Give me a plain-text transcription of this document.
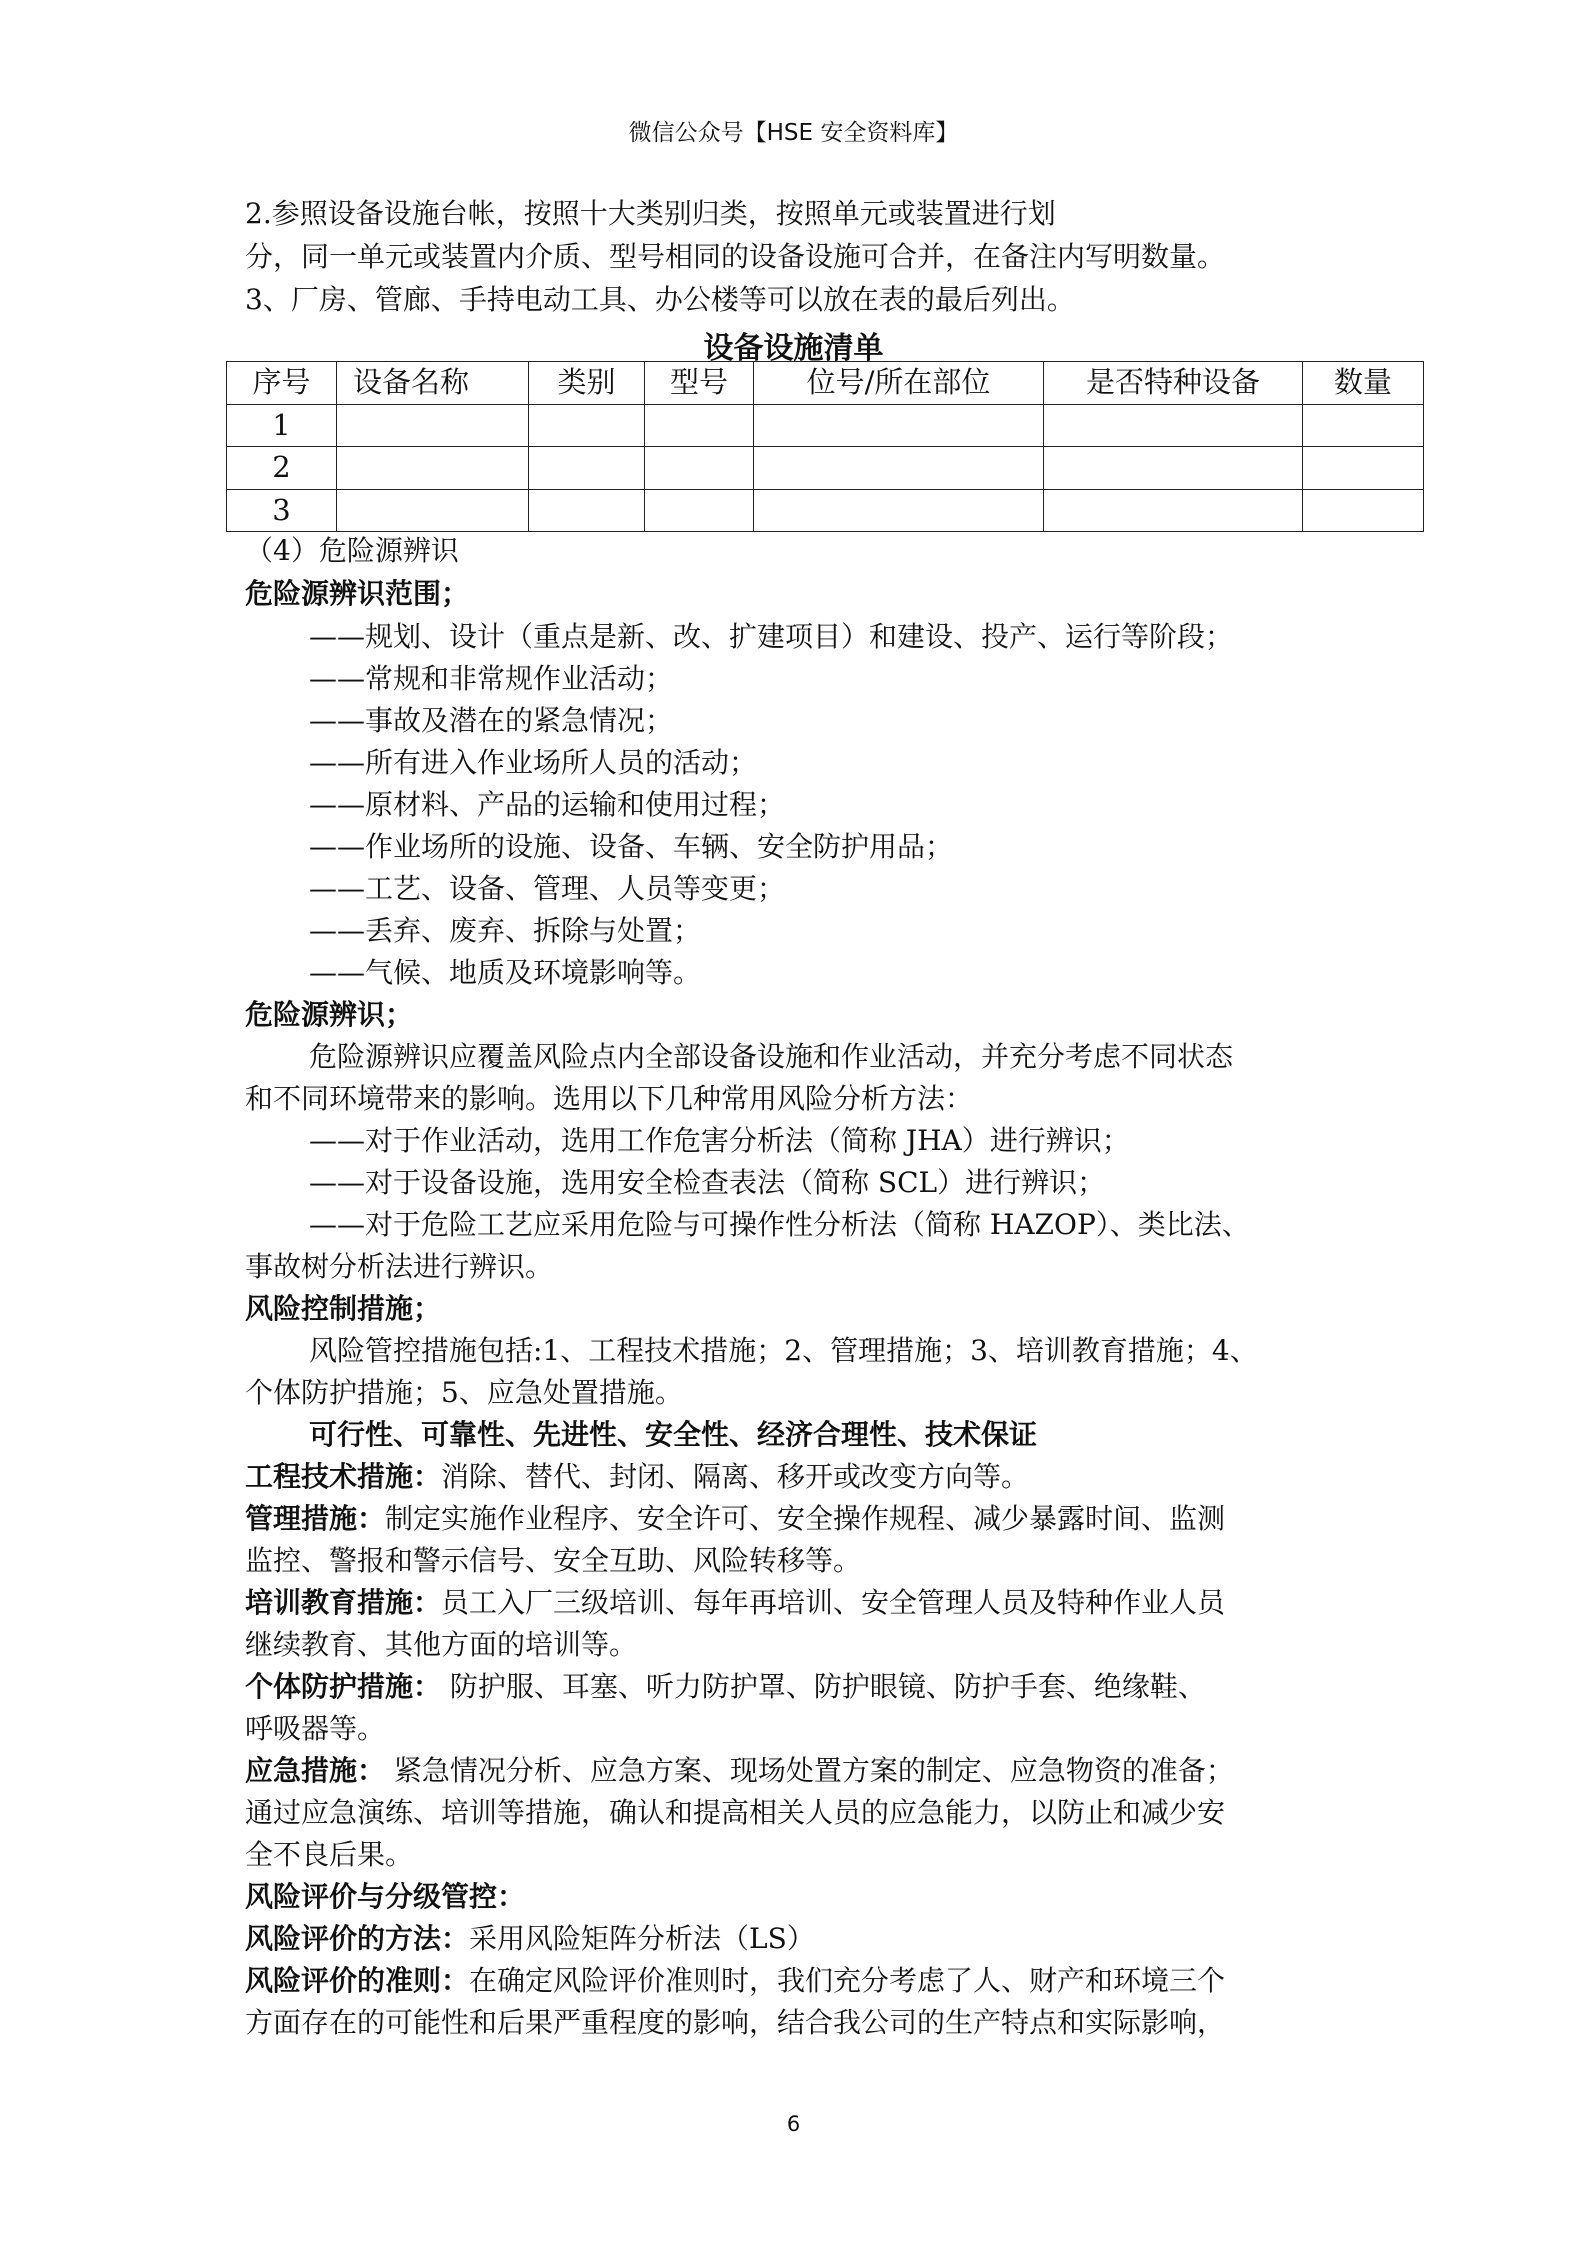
微信公众号【HSE 安全资料库】
2.参照设备设施台帐，按照十大类别归类，按照单元或装置进行划
分，同一单元或装置内介质、型号相同的设备设施可合并，在备注内写明数量。
3、厂房、管廊、手持电动工具、办公楼等可以放在表的最后列出。
设备设施清单
序号	设备名称	类别	型号	位号/所在部位	是否特种设备	数量
1						
2						
3						
（4）危险源辨识
危险源辨识范围；
——规划、设计（重点是新、改、扩建项目）和建设、投产、运行等阶段；
——常规和非常规作业活动；
——事故及潜在的紧急情况；
——所有进入作业场所人员的活动；
——原材料、产品的运输和使用过程；
——作业场所的设施、设备、车辆、安全防护用品；
——工艺、设备、管理、人员等变更；
——丢弃、废弃、拆除与处置；
——气候、地质及环境影响等。
危险源辨识；
危险源辨识应覆盖风险点内全部设备设施和作业活动，并充分考虑不同状态
和不同环境带来的影响。选用以下几种常用风险分析方法：
——对于作业活动，选用工作危害分析法（简称 JHA）进行辨识；
——对于设备设施，选用安全检查表法（简称 SCL）进行辨识；
——对于危险工艺应采用危险与可操作性分析法（简称 HAZOP）、类比法、
事故树分析法进行辨识。
风险控制措施；
风险管控措施包括:1、工程技术措施；2、管理措施；3、培训教育措施；4、
个体防护措施；5、应急处置措施。
可行性、可靠性、先进性、安全性、经济合理性、技术保证
工程技术措施：消除、替代、封闭、隔离、移开或改变方向等。
管理措施：制定实施作业程序、安全许可、安全操作规程、减少暴露时间、监测
监控、警报和警示信号、安全互助、风险转移等。
培训教育措施：员工入厂三级培训、每年再培训、安全管理人员及特种作业人员
继续教育、其他方面的培训等。
个体防护措施： 防护服、耳塞、听力防护罩、防护眼镜、防护手套、绝缘鞋、
呼吸器等。
应急措施： 紧急情况分析、应急方案、现场处置方案的制定、应急物资的准备；
通过应急演练、培训等措施，确认和提高相关人员的应急能力，以防止和减少安
全不良后果。
风险评价与分级管控：
风险评价的方法：采用风险矩阵分析法（LS）
风险评价的准则：在确定风险评价准则时，我们充分考虑了人、财产和环境三个
方面存在的可能性和后果严重程度的影响，结合我公司的生产特点和实际影响，
6
